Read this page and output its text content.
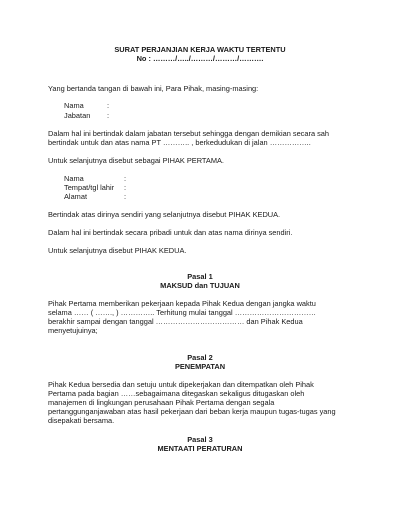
SURAT PERJANJIAN KERJA WAKTU TERTENTU
No : ………/…../………/………/……….
Yang bertanda tangan di bawah ini, Para Pihak, masing-masing:
Nama	:
Jabatan :
Dalam hal ini bertindak dalam jabatan tersebut sehingga dengan demikian secara sah
bertindak untuk dan atas nama PT ……….. , berkedudukan di jalan ……………..
Untuk selanjutnya disebut sebagai PIHAK PERTAMA.
Nama	:
Tempat/tgl lahir :
Alamat	:
Bertindak atas dirinya sendiri yang selanjutnya disebut PIHAK KEDUA.
Dalam hal ini bertindak secara pribadi untuk dan atas nama dirinya sendiri.
Untuk selanjutnya disebut PIHAK KEDUA.
Pasal 1
MAKSUD dan TUJUAN
Pihak Pertama memberikan pekerjaan kepada Pihak Kedua dengan jangka waktu
selama …… ( ……., ) ………….. Terhitung mulai tanggal ……………………………
berakhir sampai dengan tanggal ……………………………… dan Pihak Kedua
menyetujuinya;
Pasal 2
PENEMPATAN
Pihak Kedua bersedia dan setuju untuk dipekerjakan dan ditempatkan oleh Pihak
Pertama pada bagian ……sebagaimana ditegaskan sekaligus ditugaskan oleh
manajemen di lingkungan perusahaan Pihak Pertama dengan segala
pertanggunganjawaban atas hasil pekerjaan dari beban kerja maupun tugas-tugas yang
disepakati bersama.
Pasal 3
MENTAATI PERATURAN
